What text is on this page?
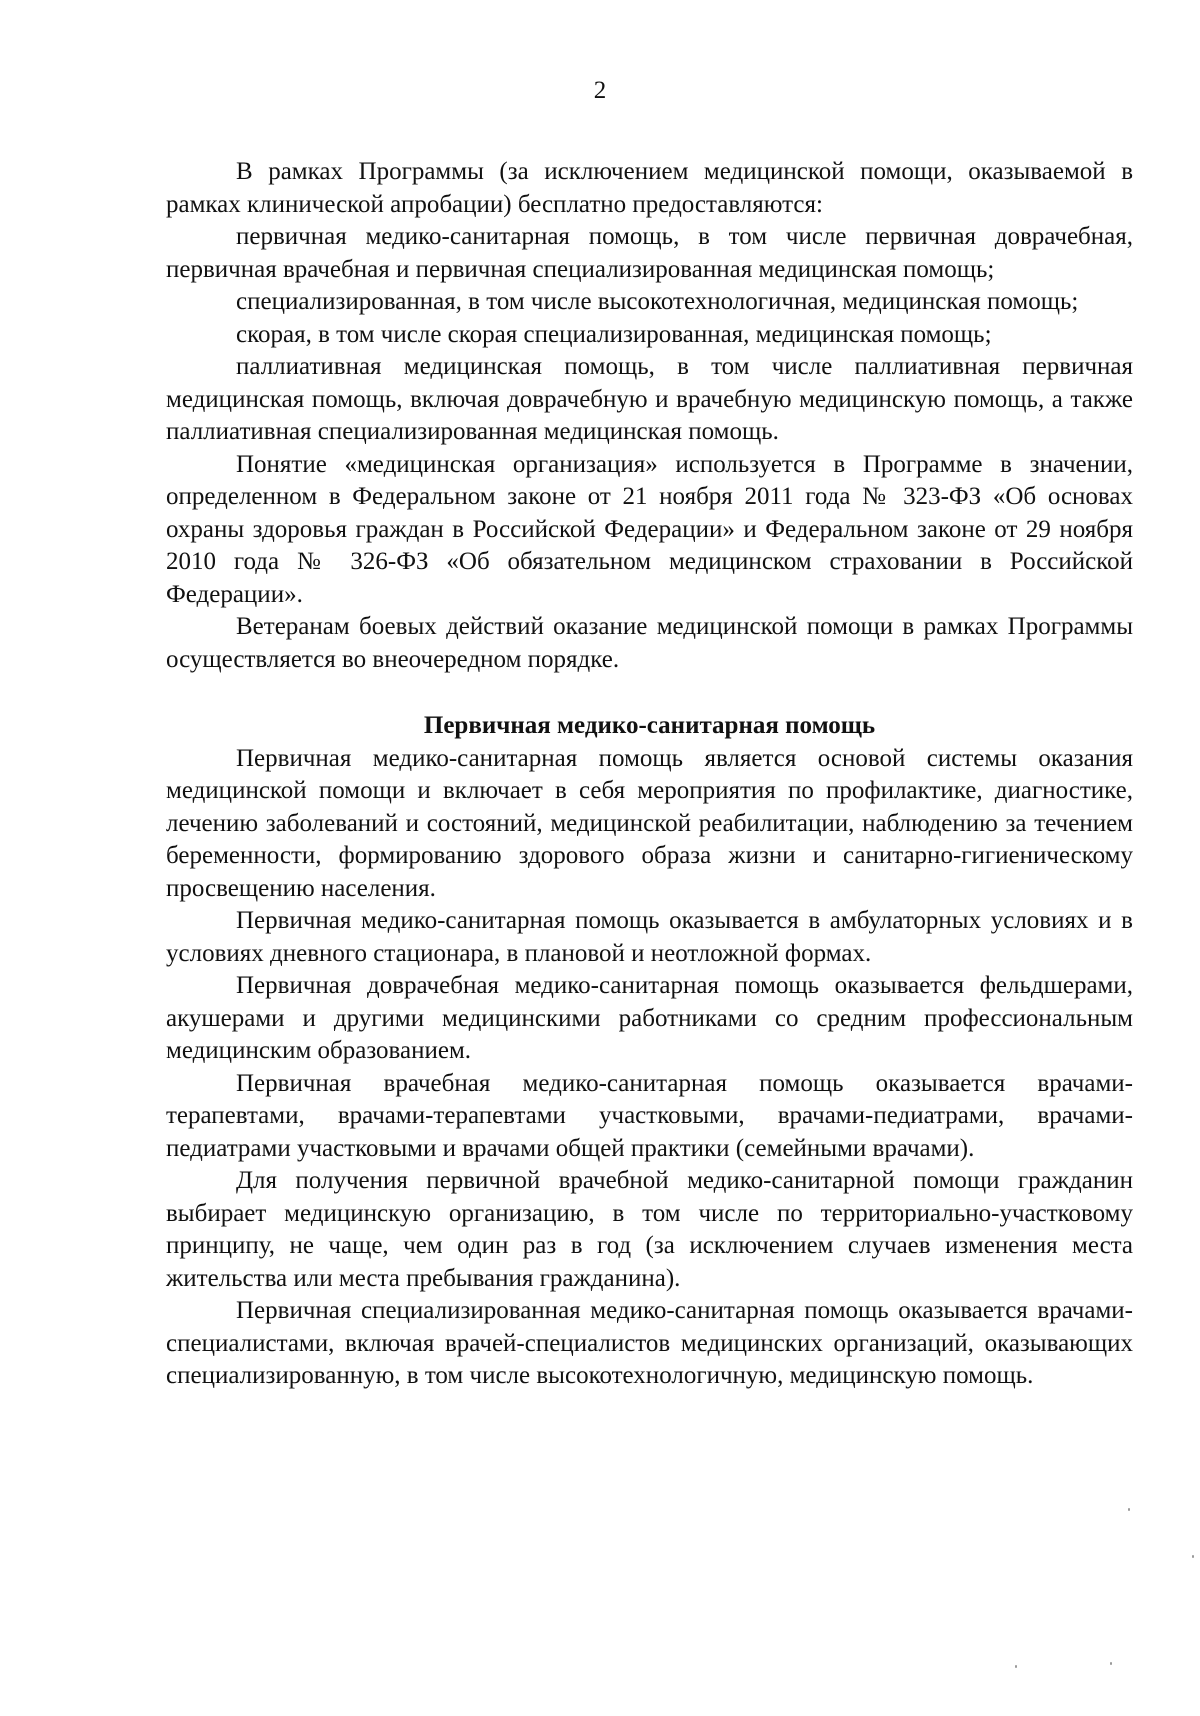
2

В рамках Программы (за исключением медицинской помощи, оказываемой в рамках клинической апробации) бесплатно предоставляются:

первичная медико-санитарная помощь, в том числе первичная доврачебная, первичная врачебная и первичная специализированная медицинская помощь;

специализированная, в том числе высокотехнологичная, медицинская помощь;

скорая, в том числе скорая специализированная, медицинская помощь;

паллиативная медицинская помощь, в том числе паллиативная первичная медицинская помощь, включая доврачебную и врачебную медицинскую помощь, а также паллиативная специализированная медицинская помощь.

Понятие «медицинская организация» используется в Программе в значении, определенном в Федеральном законе от 21 ноября 2011 года № 323-ФЗ «Об основах охраны здоровья граждан в Российской Федерации» и Федеральном законе от 29 ноября 2010 года № 326-ФЗ «Об обязательном медицинском страховании в Российской Федерации».

Ветеранам боевых действий оказание медицинской помощи в рамках Программы осуществляется во внеочередном порядке.

Первичная медико-санитарная помощь

Первичная медико-санитарная помощь является основой системы оказания медицинской помощи и включает в себя мероприятия по профилактике, диагностике, лечению заболеваний и состояний, медицинской реабилитации, наблюдению за течением беременности, формированию здорового образа жизни и санитарно-гигиеническому просвещению населения.

Первичная медико-санитарная помощь оказывается в амбулаторных условиях и в условиях дневного стационара, в плановой и неотложной формах.

Первичная доврачебная медико-санитарная помощь оказывается фельдшерами, акушерами и другими медицинскими работниками со средним профессиональным медицинским образованием.

Первичная врачебная медико-санитарная помощь оказывается врачами-терапевтами, врачами-терапевтами участковыми, врачами-педиатрами, врачами-педиатрами участковыми и врачами общей практики (семейными врачами).

Для получения первичной врачебной медико-санитарной помощи гражданин выбирает медицинскую организацию, в том числе по территориально-участковому принципу, не чаще, чем один раз в год (за исключением случаев изменения места жительства или места пребывания гражданина).

Первичная специализированная медико-санитарная помощь оказывается врачами-специалистами, включая врачей-специалистов медицинских организаций, оказывающих специализированную, в том числе высокотехнологичную, медицинскую помощь.
